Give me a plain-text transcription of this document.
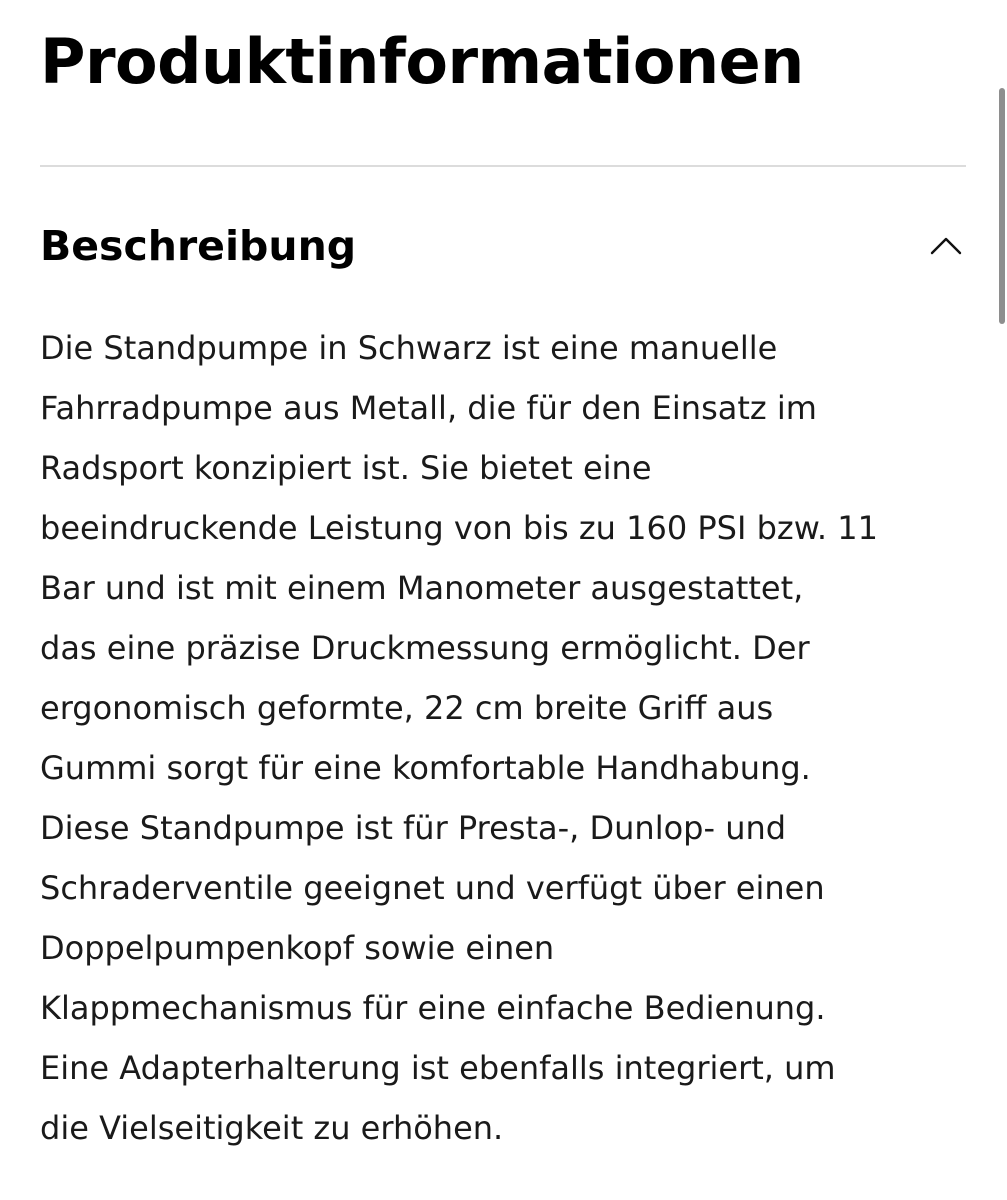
Produktinformationen
Beschreibung
Die Standpumpe in Schwarz ist eine manuelle
Fahrradpumpe aus Metall, die für den Einsatz im
Radsport konzipiert ist. Sie bietet eine
beeindruckende Leistung von bis zu 160 PSI bzw. 11
Bar und ist mit einem Manometer ausgestattet,
das eine präzise Druckmessung ermöglicht. Der
ergonomisch geformte, 22 cm breite Griff aus
Gummi sorgt für eine komfortable Handhabung.
Diese Standpumpe ist für Presta-, Dunlop- und
Schraderventile geeignet und verfügt über einen
Doppelpumpenkopf sowie einen
Klappmechanismus für eine einfache Bedienung.
Eine Adapterhalterung ist ebenfalls integriert, um
die Vielseitigkeit zu erhöhen.
